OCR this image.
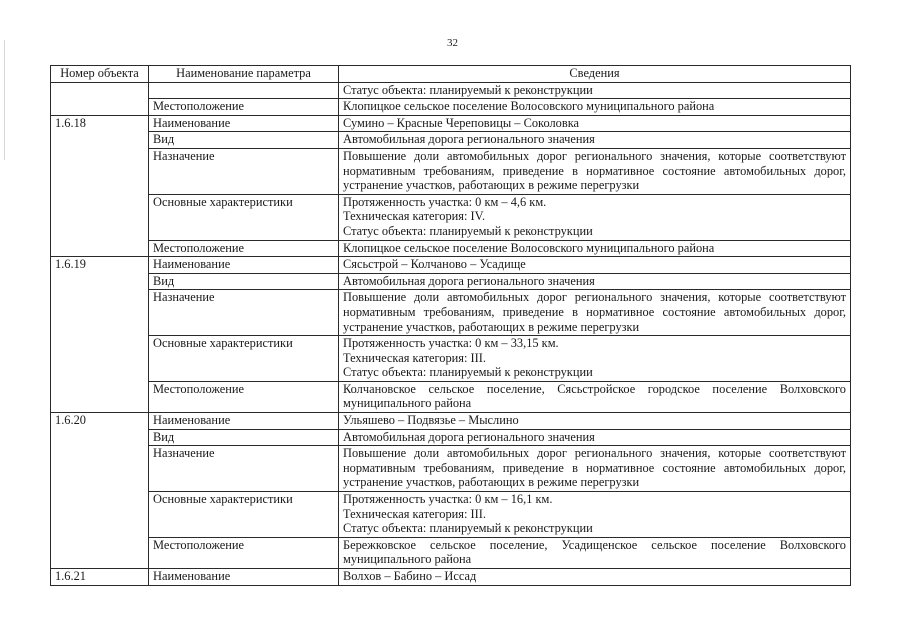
32
Номер объекта	Наименование параметра	Сведения

		Статус объекта: планируемый к реконструкции

	Местоположение	Клопицкое сельское поселение Волосовского муниципального района

1.6.18	Наименование	Сумино – Красные Череповицы – Соколовка

	Вид	Автомобильная дорога регионального значения

	Назначение	Повышение доли автомобильных дорог регионального значения, которые соответствуют нормативным требованиям, приведение в нормативное состояние автомобильных дорог, устранение участков, работающих в режиме перегрузки
	Основные характеристики	Протяженность участка: 0 км – 4,6 км.
Техническая категория: IV.
Статус объекта: планируемый к реконструкции

	Местоположение	Клопицкое сельское поселение Волосовского муниципального района

1.6.19	Наименование	Сясьстрой – Колчаново – Усадище

	Вид	Автомобильная дорога регионального значения

	Назначение	Повышение доли автомобильных дорог регионального значения, которые соответствуют нормативным требованиям, приведение в нормативное состояние автомобильных дорог, устранение участков, работающих в режиме перегрузки
	Основные характеристики	Протяженность участка: 0 км – 33,15 км.
Техническая категория: III.
Статус объекта: планируемый к реконструкции

	Местоположение	Колчановское сельское поселение, Сясьстройское городское поселение Волховского муниципального района
1.6.20	Наименование	Ульяшево – Подвязье – Мыслино

	Вид	Автомобильная дорога регионального значения

	Назначение	Повышение доли автомобильных дорог регионального значения, которые соответствуют нормативным требованиям, приведение в нормативное состояние автомобильных дорог, устранение участков, работающих в режиме перегрузки
	Основные характеристики	Протяженность участка: 0 км – 16,1 км.
Техническая категория: III.
Статус объекта: планируемый к реконструкции

	Местоположение	Бережковское сельское поселение, Усадищенское сельское поселение Волховского муниципального района
1.6.21	Наименование	Волхов – Бабино – Иссад
